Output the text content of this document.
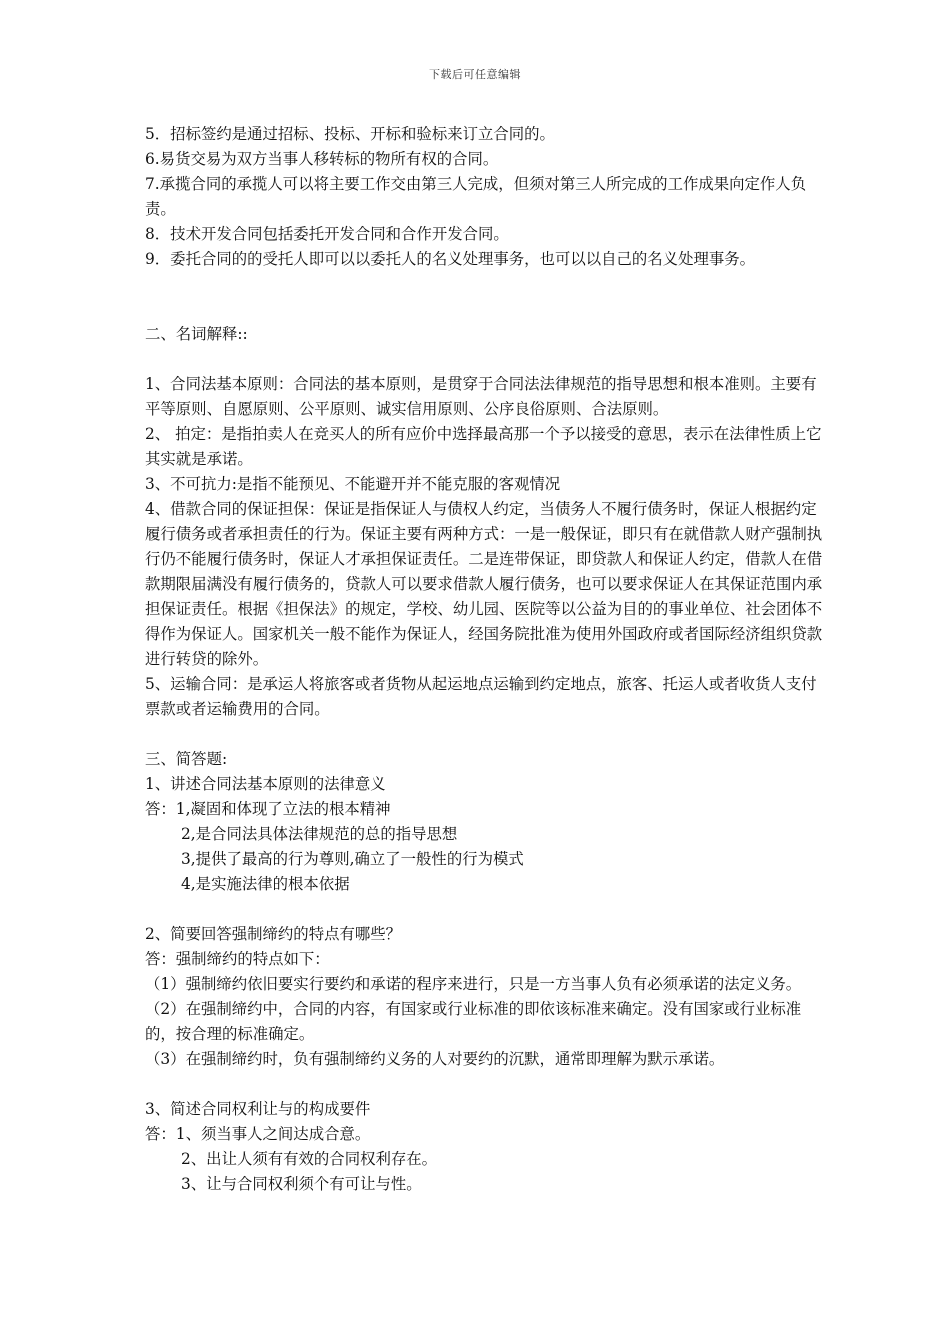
下载后可任意编辑

5．招标签约是通过招标、投标、开标和验标来订立合同的。

6.易货交易为双方当事人移转标的物所有权的合同。

7.承揽合同的承揽人可以将主要工作交由第三人完成，但须对第三人所完成的工作成果向定作人负责。

8．技术开发合同包括委托开发合同和合作开发合同。

9．委托合同的的受托人即可以以委托人的名义处理事务，也可以以自己的名义处理事务。

二、名词解释::

1、合同法基本原则：合同法的基本原则，是贯穿于合同法法律规范的指导思想和根本准则。主要有平等原则、自愿原则、公平原则、诚实信用原则、公序良俗原则、合法原则。

2、 拍定：是指拍卖人在竞买人的所有应价中选择最高那一个予以接受的意思，表示在法律性质上它其实就是承诺。

3、不可抗力:是指不能预见、不能避开并不能克服的客观情况

4、借款合同的保证担保：保证是指保证人与债权人约定，当债务人不履行债务时，保证人根据约定履行债务或者承担责任的行为。保证主要有两种方式：一是一般保证，即只有在就借款人财产强制执行仍不能履行债务时，保证人才承担保证责任。二是连带保证，即贷款人和保证人约定，借款人在借款期限届满没有履行债务的，贷款人可以要求借款人履行债务，也可以要求保证人在其保证范围内承担保证责任。根据《担保法》的规定，学校、幼儿园、医院等以公益为目的的事业单位、社会团体不得作为保证人。国家机关一般不能作为保证人，经国务院批准为使用外国政府或者国际经济组织贷款进行转贷的除外。

5、运输合同：是承运人将旅客或者货物从起运地点运输到约定地点，旅客、托运人或者收货人支付票款或者运输费用的合同。

三、简答题:

1、讲述合同法基本原则的法律意义

答：1,凝固和体现了立法的根本精神

2,是合同法具体法律规范的总的指导思想

3,提供了最高的行为尊则,确立了一般性的行为模式

4,是实施法律的根本依据

2、简要回答强制缔约的特点有哪些？

答：强制缔约的特点如下：

（1）强制缔约依旧要实行要约和承诺的程序来进行，只是一方当事人负有必须承诺的法定义务。

（2）在强制缔约中，合同的内容，有国家或行业标准的即依该标准来确定。没有国家或行业标准的，按合理的标准确定。

（3）在强制缔约时，负有强制缔约义务的人对要约的沉默，通常即理解为默示承诺。

3、简述合同权利让与的构成要件

答：1、须当事人之间达成合意。

2、出让人须有有效的合同权利存在。

3、让与合同权利须个有可让与性。
